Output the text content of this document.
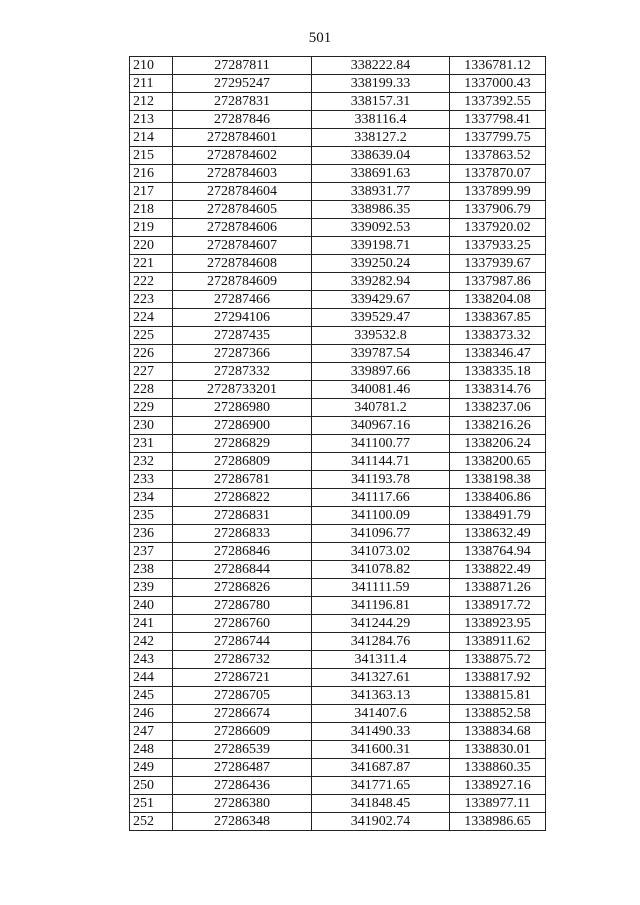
501
210	27287811	338222.84	1336781.12
211	27295247	338199.33	1337000.43
212	27287831	338157.31	1337392.55
213	27287846	338116.4	1337798.41
214	2728784601	338127.2	1337799.75
215	2728784602	338639.04	1337863.52
216	2728784603	338691.63	1337870.07
217	2728784604	338931.77	1337899.99
218	2728784605	338986.35	1337906.79
219	2728784606	339092.53	1337920.02
220	2728784607	339198.71	1337933.25
221	2728784608	339250.24	1337939.67
222	2728784609	339282.94	1337987.86
223	27287466	339429.67	1338204.08
224	27294106	339529.47	1338367.85
225	27287435	339532.8	1338373.32
226	27287366	339787.54	1338346.47
227	27287332	339897.66	1338335.18
228	2728733201	340081.46	1338314.76
229	27286980	340781.2	1338237.06
230	27286900	340967.16	1338216.26
231	27286829	341100.77	1338206.24
232	27286809	341144.71	1338200.65
233	27286781	341193.78	1338198.38
234	27286822	341117.66	1338406.86
235	27286831	341100.09	1338491.79
236	27286833	341096.77	1338632.49
237	27286846	341073.02	1338764.94
238	27286844	341078.82	1338822.49
239	27286826	341111.59	1338871.26
240	27286780	341196.81	1338917.72
241	27286760	341244.29	1338923.95
242	27286744	341284.76	1338911.62
243	27286732	341311.4	1338875.72
244	27286721	341327.61	1338817.92
245	27286705	341363.13	1338815.81
246	27286674	341407.6	1338852.58
247	27286609	341490.33	1338834.68
248	27286539	341600.31	1338830.01
249	27286487	341687.87	1338860.35
250	27286436	341771.65	1338927.16
251	27286380	341848.45	1338977.11
252	27286348	341902.74	1338986.65
